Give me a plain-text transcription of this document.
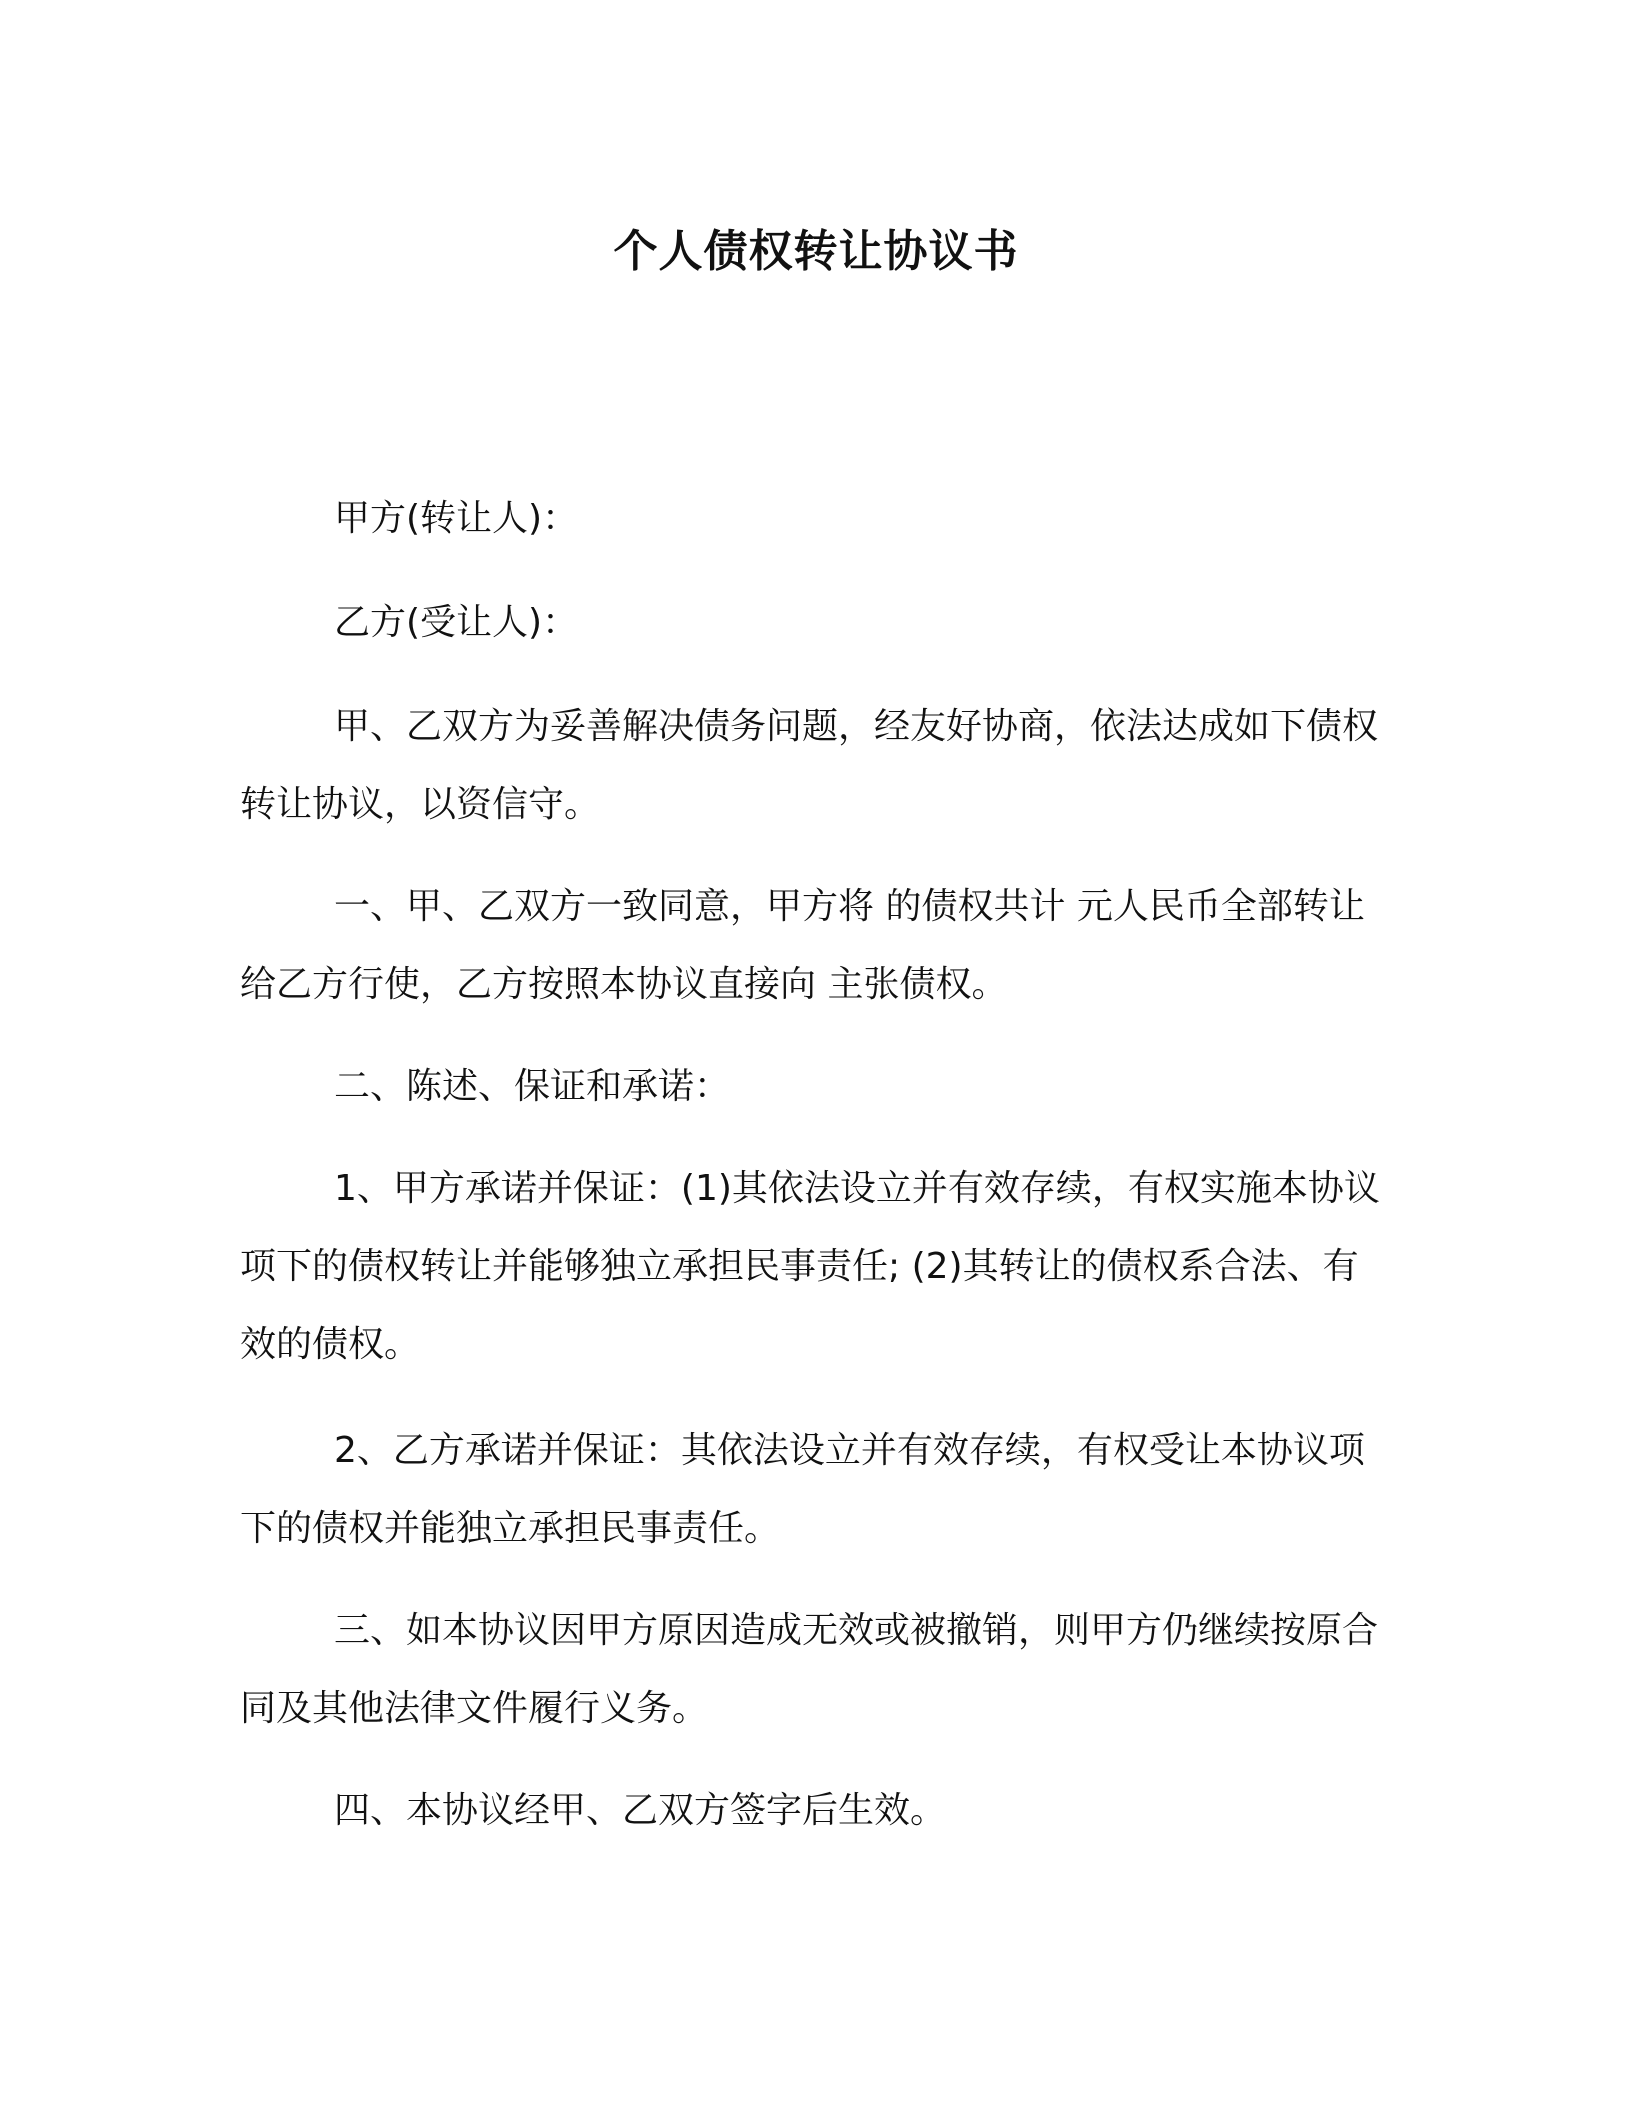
个人债权转让协议书

甲方(转让人)：

乙方(受让人)：

甲、乙双方为妥善解决债务问题，经友好协商，依法达成如下债权转让协议，以资信守。

一、甲、乙双方一致同意，甲方将 的债权共计 元人民币全部转让给乙方行使，乙方按照本协议直接向 主张债权。

二、陈述、保证和承诺：

1、甲方承诺并保证：(1)其依法设立并有效存续，有权实施本协议项下的债权转让并能够独立承担民事责任; (2)其转让的债权系合法、有效的债权。

2、乙方承诺并保证：其依法设立并有效存续，有权受让本协议项下的债权并能独立承担民事责任。

三、如本协议因甲方原因造成无效或被撤销，则甲方仍继续按原合同及其他法律文件履行义务。

四、本协议经甲、乙双方签字后生效。
